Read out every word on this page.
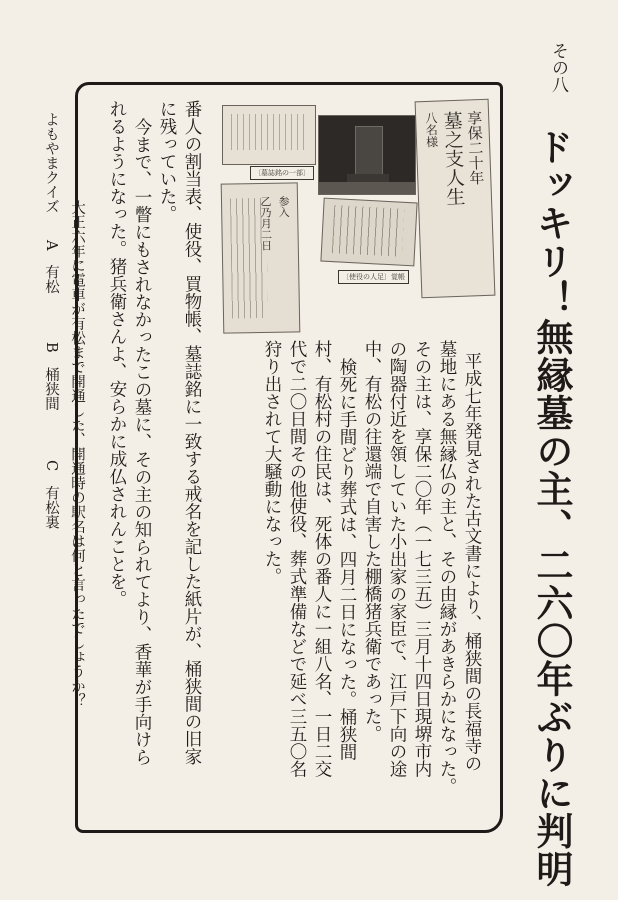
その八
ドッキリ！無縁墓の主、二六〇年ぶりに判明
享保二十年
墓之支人生
八名様
〔墓誌銘の一部〕
〔使役の人足〕覚帳
参入
乙乃月二日
平成七年発見された古文書により、桶狭間の長福寺の
墓地にある無縁仏の主と、その由縁があきらかになった。
その主は、享保二〇年（一七三五）三月十四日現堺市内
の陶器付近を領していた小出家の家臣で、江戸下向の途
中、有松の往還端で自害した棚橋猪兵衛であった。
検死に手間どり葬式は、四月二日になった。桶狭間
村、有松村の住民は、死体の番人に一組八名、一日二交
代で二〇日間その他使役、葬式準備などで延べ三五〇名
狩り出されて大騒動になった。
番人の割当表、使役、買物帳、墓誌銘に一致する戒名を記した紙片が、桶狭間の旧家
に残っていた。
今まで、一瞥にもされなかったこの墓に、その主の知られてより、香華が手向けら
れるようになった。猪兵衛さんよ、安らかに成仏されんことを。
よもやまクイズ
大正六年に電車が有松まで開通した、開通時の駅名は何と言ったでしょうか？
A　有松
B　桶狭間
C　有松裏
